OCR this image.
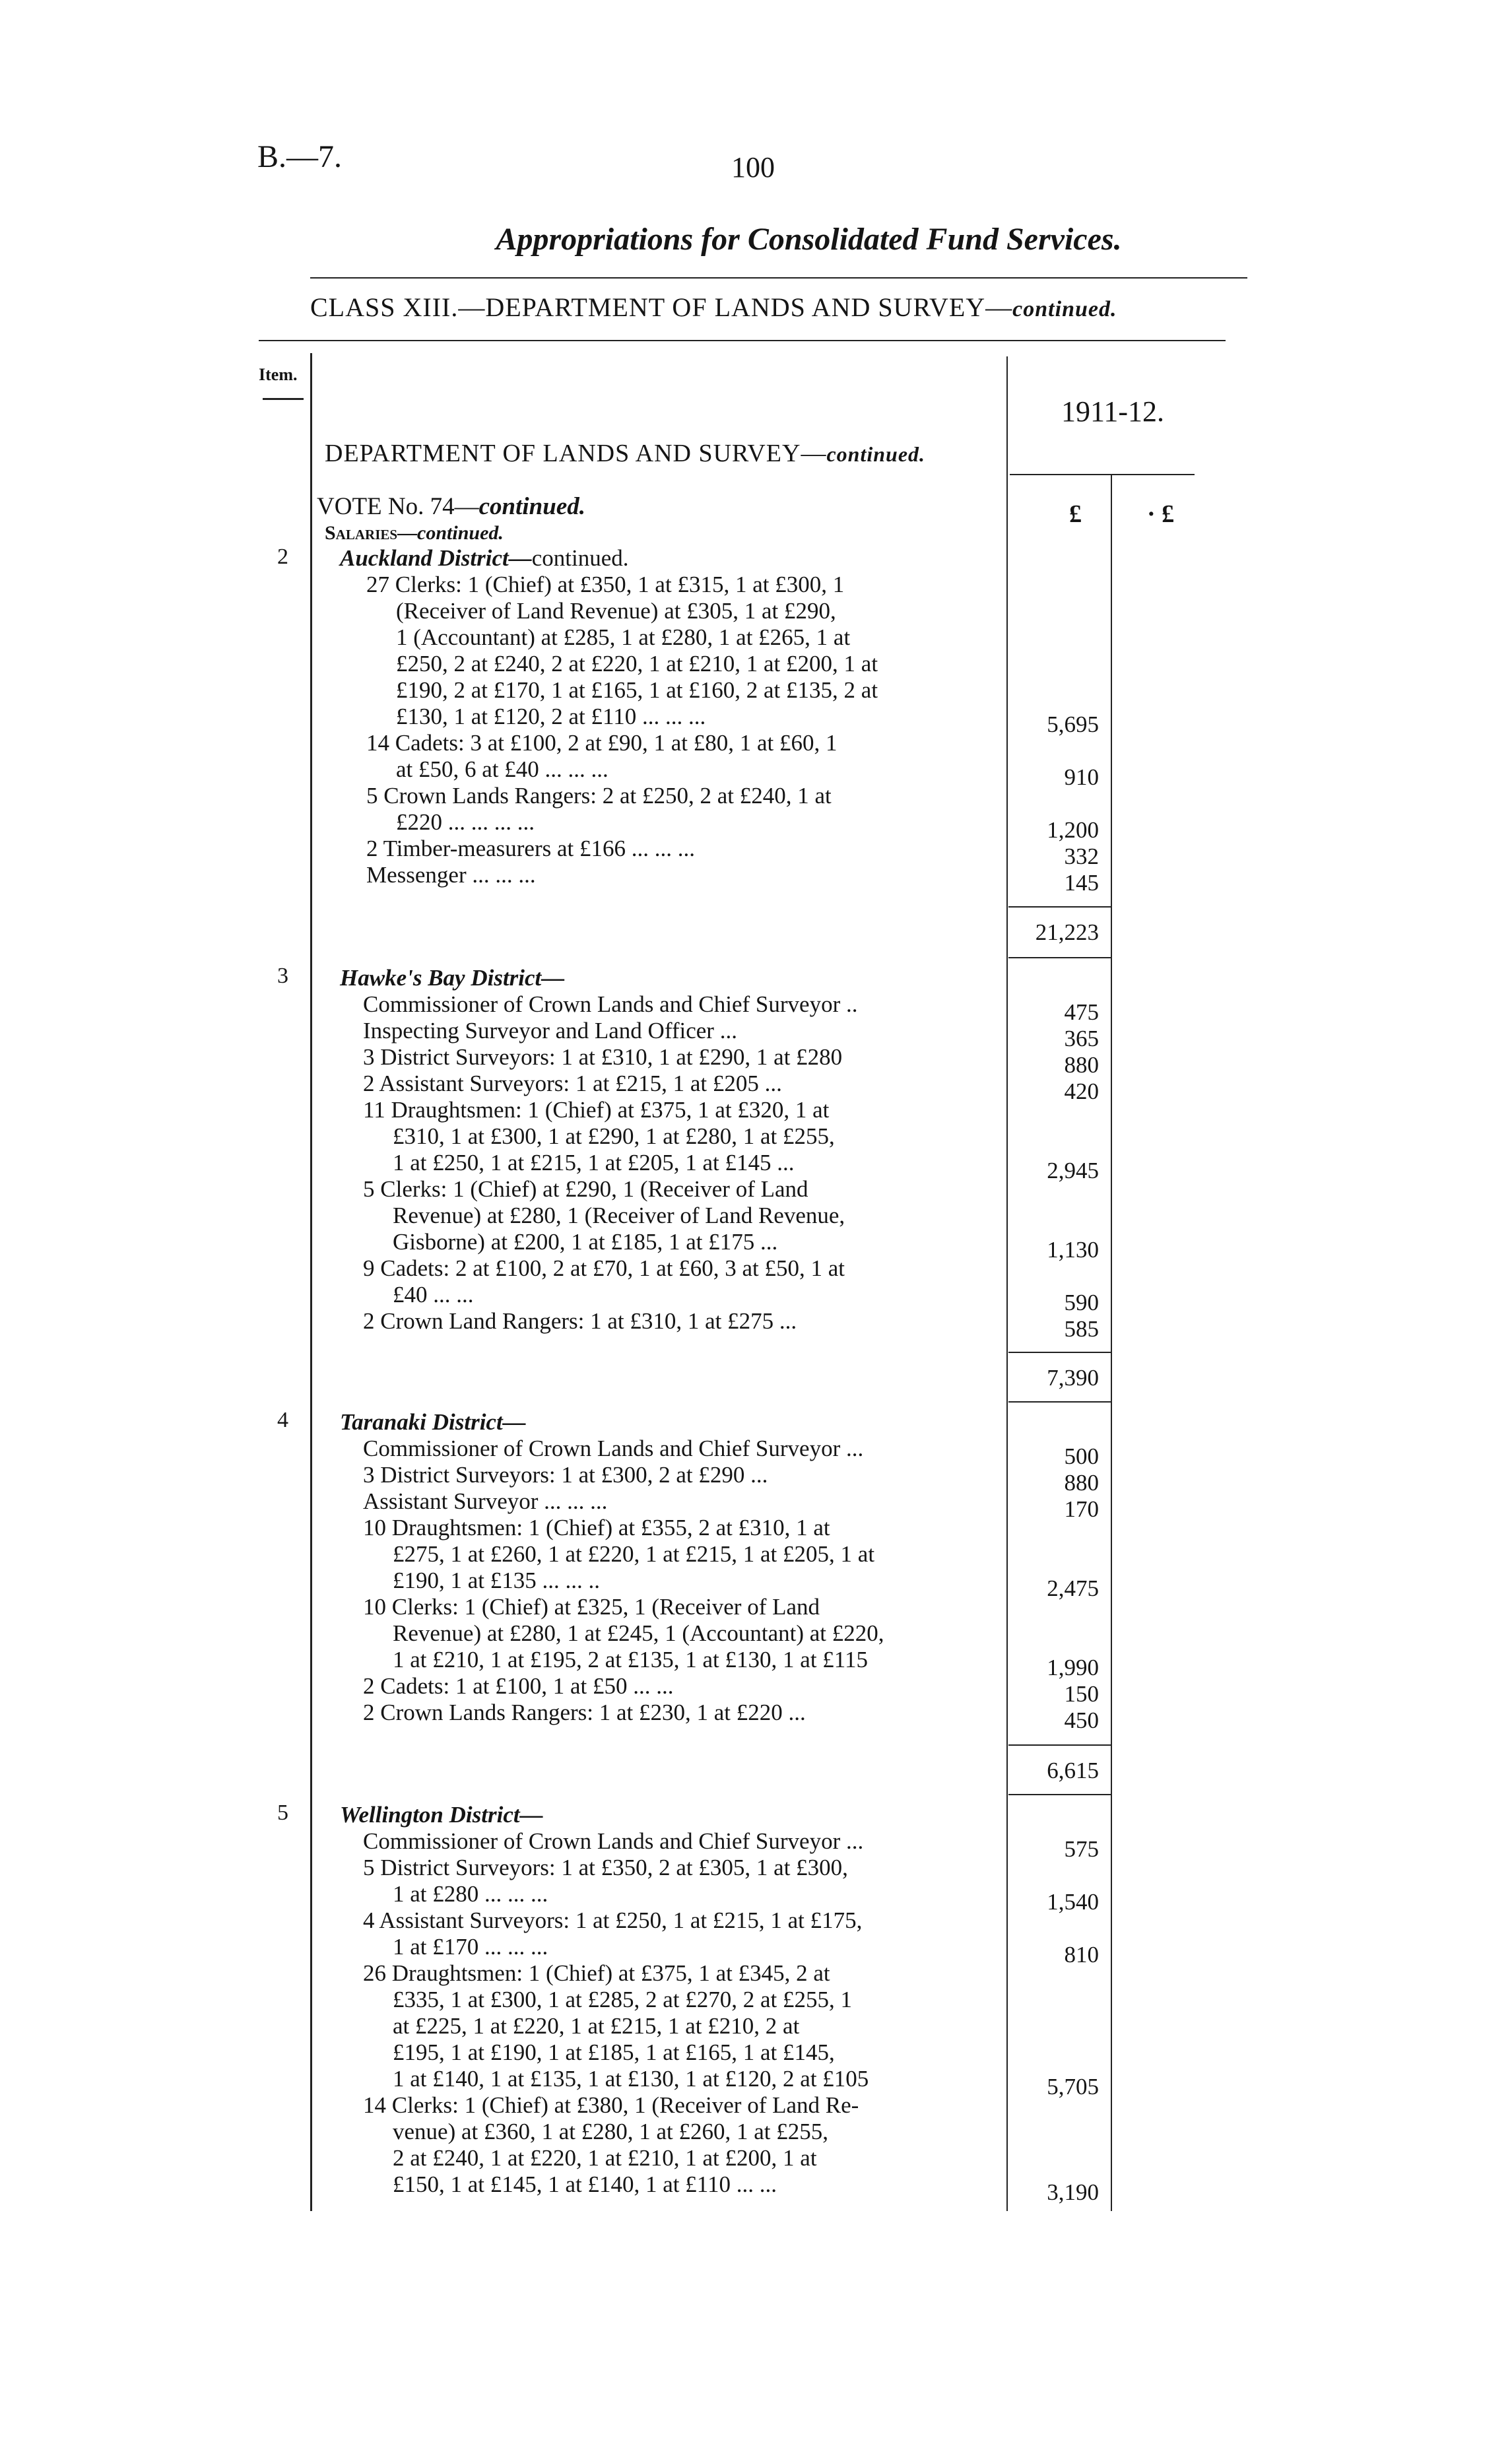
B.—7.	100
Appropriations for Consolidated Fund Services.
CLASS XIII.—DEPARTMENT OF LANDS AND SURVEY—continued.
Item.
1911-12.
DEPARTMENT OF LANDS AND SURVEY—continued.
£	· £
VOTE No. 74—continued.
Salaries—continued.
2 Auckland District—continued.
27 Clerks: 1 (Chief) at £350, 1 at £315, 1 at £300, 1
(Receiver of Land Revenue) at £305, 1 at £290,
1 (Accountant) at £285, 1 at £280, 1 at £265, 1 at
£250, 2 at £240, 2 at £220, 1 at £210, 1 at £200, 1 at
£190, 2 at £170, 1 at £165, 1 at £160, 2 at £135, 2 at
£130, 1 at £120, 2 at £110 ... ... ...
14 Cadets: 3 at £100, 2 at £90, 1 at £80, 1 at £60, 1
at £50, 6 at £40 ... ... ...
5 Crown Lands Rangers: 2 at £250, 2 at £240, 1 at
£220 ... ... ... ...
2 Timber-measurers at £166 ... ... ...
Messenger ... ... ...
5,695
910
1,200
332
145
21,223
3 Hawke's Bay District—
Commissioner of Crown Lands and Chief Surveyor ..
Inspecting Surveyor and Land Officer ...
3 District Surveyors: 1 at £310, 1 at £290, 1 at £280
2 Assistant Surveyors: 1 at £215, 1 at £205 ...
11 Draughtsmen: 1 (Chief) at £375, 1 at £320, 1 at
£310, 1 at £300, 1 at £290, 1 at £280, 1 at £255,
1 at £250, 1 at £215, 1 at £205, 1 at £145 ...
5 Clerks: 1 (Chief) at £290, 1 (Receiver of Land
Revenue) at £280, 1 (Receiver of Land Revenue,
Gisborne) at £200, 1 at £185, 1 at £175 ...
9 Cadets: 2 at £100, 2 at £70, 1 at £60, 3 at £50, 1 at
£40 ... ...
2 Crown Land Rangers: 1 at £310, 1 at £275 ...
475
365
880
420
2,945
1,130
590
585
7,390
4 Taranaki District—
Commissioner of Crown Lands and Chief Surveyor ...
3 District Surveyors: 1 at £300, 2 at £290 ...
Assistant Surveyor ... ... ...
10 Draughtsmen: 1 (Chief) at £355, 2 at £310, 1 at
£275, 1 at £260, 1 at £220, 1 at £215, 1 at £205, 1 at
£190, 1 at £135 ... ... ..
10 Clerks: 1 (Chief) at £325, 1 (Receiver of Land
Revenue) at £280, 1 at £245, 1 (Accountant) at £220,
1 at £210, 1 at £195, 2 at £135, 1 at £130, 1 at £115
2 Cadets: 1 at £100, 1 at £50 ... ...
2 Crown Lands Rangers: 1 at £230, 1 at £220 ...
500
880
170
2,475
1,990
150
450
6,615
5 Wellington District—
Commissioner of Crown Lands and Chief Surveyor ...
5 District Surveyors: 1 at £350, 2 at £305, 1 at £300,
1 at £280 ... ... ...
4 Assistant Surveyors: 1 at £250, 1 at £215, 1 at £175,
1 at £170 ... ... ...
26 Draughtsmen: 1 (Chief) at £375, 1 at £345, 2 at
£335, 1 at £300, 1 at £285, 2 at £270, 2 at £255, 1
at £225, 1 at £220, 1 at £215, 1 at £210, 2 at
£195, 1 at £190, 1 at £185, 1 at £165, 1 at £145,
1 at £140, 1 at £135, 1 at £130, 1 at £120, 2 at £105
14 Clerks: 1 (Chief) at £380, 1 (Receiver of Land Re-
venue) at £360, 1 at £280, 1 at £260, 1 at £255,
2 at £240, 1 at £220, 1 at £210, 1 at £200, 1 at
£150, 1 at £145, 1 at £140, 1 at £110 ... ...
575
1,540
810
5,705
3,190
